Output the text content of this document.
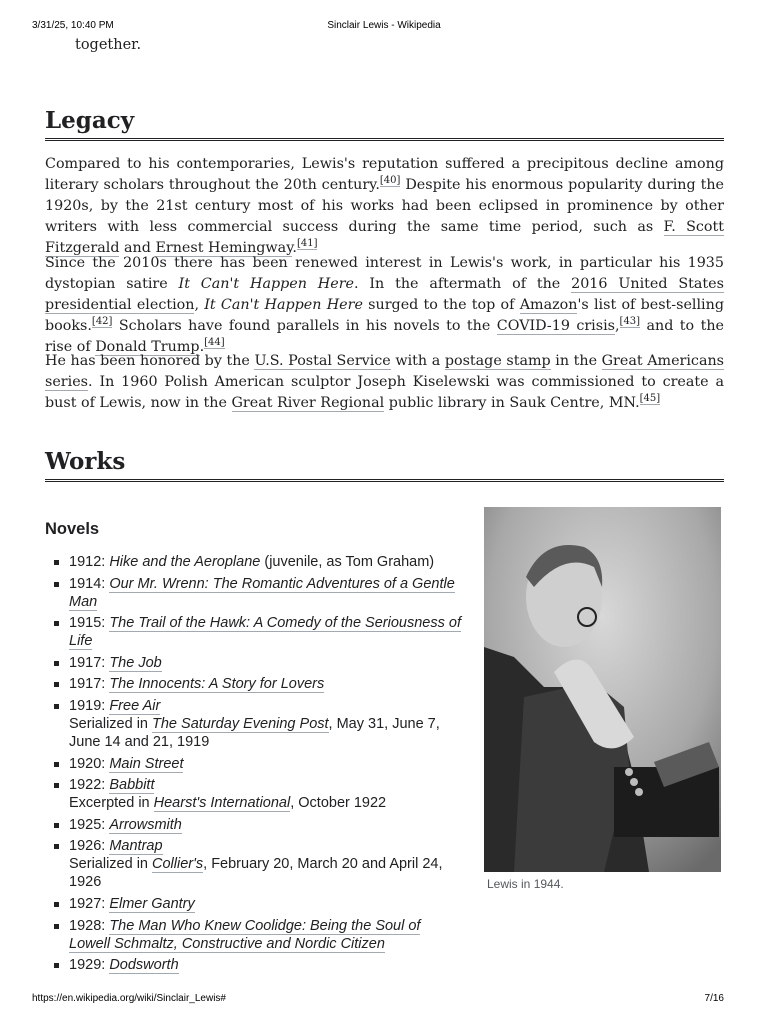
3/31/25, 10:40 PM	Sinclair Lewis - Wikipedia
together.
Legacy

Compared to his contemporaries, Lewis's reputation suffered a precipitous decline among literary scholars throughout the 20th century.[40] Despite his enormous popularity during the 1920s, by the 21st century most of his works had been eclipsed in prominence by other writers with less commercial success during the same time period, such as F. Scott Fitzgerald and Ernest Hemingway.[41]

Since the 2010s there has been renewed interest in Lewis's work, in particular his 1935 dystopian satire It Can't Happen Here. In the aftermath of the 2016 United States presidential election, It Can't Happen Here surged to the top of Amazon's list of best-selling books.[42] Scholars have found parallels in his novels to the COVID-19 crisis,[43] and to the rise of Donald Trump.[44]

He has been honored by the U.S. Postal Service with a postage stamp in the Great Americans series. In 1960 Polish American sculptor Joseph Kiselewski was commissioned to create a bust of Lewis, now in the Great River Regional public library in Sauk Centre, MN.[45]

Works
Novels
1912: Hike and the Aeroplane (juvenile, as Tom Graham)
1914: Our Mr. Wrenn: The Romantic Adventures of a Gentle Man
1915: The Trail of the Hawk: A Comedy of the Seriousness of Life
1917: The Job
1917: The Innocents: A Story for Lovers
1919: Free Air
Serialized in The Saturday Evening Post, May 31, June 7, June 14 and 21, 1919
1920: Main Street
1922: Babbitt
Excerpted in Hearst's International, October 1922
1925: Arrowsmith
1926: Mantrap
Serialized in Collier's, February 20, March 20 and April 24, 1926
1927: Elmer Gantry
1928: The Man Who Knew Coolidge: Being the Soul of Lowell Schmaltz, Constructive and Nordic Citizen
1929: Dodsworth
Lewis in 1944.
https://en.wikipedia.org/wiki/Sinclair_Lewis#	7/16
